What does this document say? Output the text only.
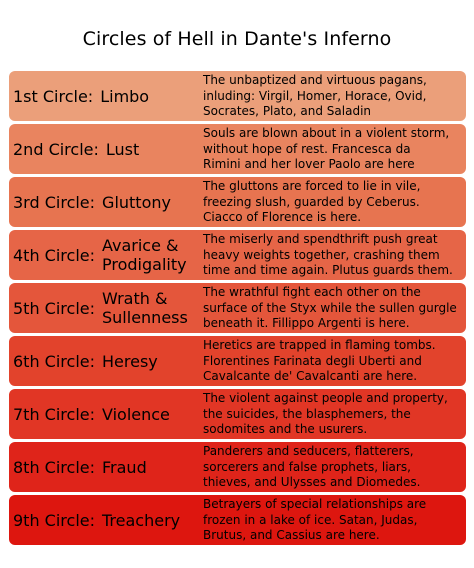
Circles of Hell in Dante's Inferno
1st Circle: Limbo
The unbaptized and virtuous pagans,
inluding: Virgil, Homer, Horace, Ovid,
Socrates, Plato, and Saladin
2nd Circle: Lust
Souls are blown about in a violent storm,
without hope of rest. Francesca da
Rimini and her lover Paolo are here
3rd Circle: Gluttony
The gluttons are forced to lie in vile,
freezing slush, guarded by Ceberus.
Ciacco of Florence is here.
4th Circle: Avarice & Prodigality
The miserly and spendthrift push great
heavy weights together, crashing them
time and time again. Plutus guards them.
5th Circle: Wrath & Sullenness
The wrathful fight each other on the
surface of the Styx while the sullen gurgle
beneath it. Fillippo Argenti is here.
6th Circle: Heresy
Heretics are trapped in flaming tombs.
Florentines Farinata degli Uberti and
Cavalcante de' Cavalcanti are here.
7th Circle: Violence
The violent against people and property,
the suicides, the blasphemers, the
sodomites and the usurers.
8th Circle: Fraud
Panderers and seducers, flatterers,
sorcerers and false prophets, liars,
thieves, and Ulysses and Diomedes.
9th Circle: Treachery
Betrayers of special relationships are
frozen in a lake of ice. Satan, Judas,
Brutus, and Cassius are here.
